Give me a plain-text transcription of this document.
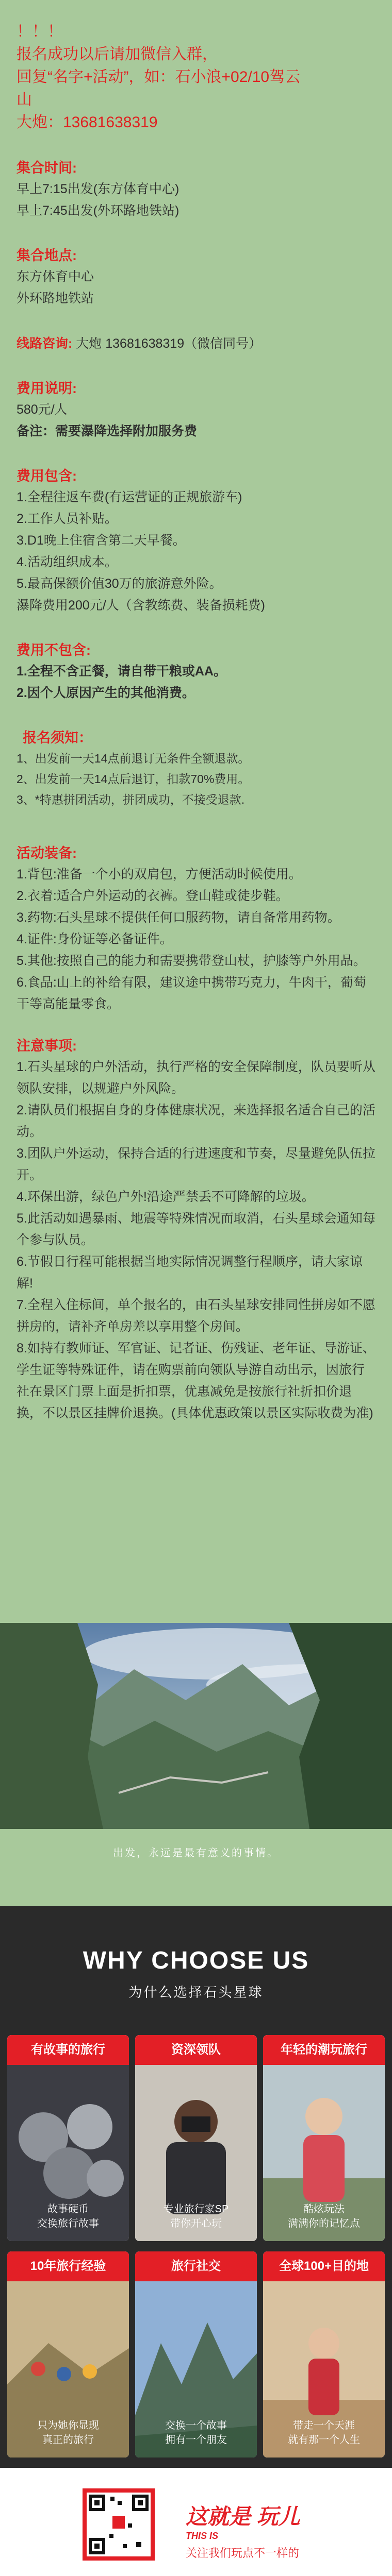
！！！
报名成功以后请加微信入群，
回复“名字+活动”，如：石小浪+02/10驾云
山
大炮：13681638319
集合时间:
早上7:15出发(东方体育中心)
早上7:45出发(外环路地铁站)
集合地点:
东方体育中心
外环路地铁站
线路咨询: 大炮 13681638319（微信同号）
费用说明:
580元/人
备注：需要瀑降选择附加服务费
费用包含:
1.全程往返车费(有运营证的正规旅游车)
2.工作人员补贴。
3.D1晚上住宿含第二天早餐。
4.活动组织成本。
5.最高保额价值30万的旅游意外险。
瀑降费用200元/人（含教练费、装备损耗费)
费用不包含:
1.全程不含正餐，请自带干粮或AA。
2.因个人原因产生的其他消费。
报名须知：
1、出发前一天14点前退订无条件全额退款。
2、出发前一天14点后退订，扣款70%费用。
3、*特惠拼团活动，拼团成功，不接受退款.
活动装备:
1.背包:准备一个小的双肩包，方便活动时候使用。
2.衣着:适合户外运动的衣裤。登山鞋或徒步鞋。
3.药物:石头星球不提供任何口服药物，请自备常用药物。
4.证件:身份证等必备证件。
5.其他:按照自己的能力和需要携带登山杖，护膝等户外用品。
6.食品:山上的补给有限，建议途中携带巧克力，牛肉干，葡萄干等高能量零食。
注意事项:
1.石头星球的户外活动，执行严格的安全保障制度，队员要听从领队安排，以规避户外风险。
2.请队员们根据自身的身体健康状况，来选择报名适合自己的活动。
3.团队户外运动，保持合适的行进速度和节奏，尽量避免队伍拉开。
4.环保出游，绿色户外!沿途严禁丢不可降解的垃圾。
5.此活动如遇暴雨、地震等特殊情况而取消，石头星球会通知每个参与队员。
6.节假日行程可能根据当地实际情况调整行程顺序，请大家谅解!
7.全程入住标间，单个报名的，由石头星球安排同性拼房如不愿拼房的，请补齐单房差以享用整个房间。
8.如持有教师证、军官证、记者证、伤残证、老年证、导游证、学生证等特殊证件，请在购票前向领队导游自动出示，因旅行社在景区门票上面是折扣票，优惠减免是按旅行社折扣价退换，不以景区挂牌价退换。(具体优惠政策以景区实际收费为准)
出发，永远是最有意义的事情。
WHY CHOOSE US
为什么选择石头星球
有故事的旅行
故事硬币
交换旅行故事
资深领队
专业旅行家SP
带你开心玩
年轻的潮玩旅行
酷炫玩法
满满你的记忆点
10年旅行经验
只为她你显现
真正的旅行
旅行社交
交换一个故事
拥有一个朋友
全球100+目的地
带走一个天涯
就有那一个人生
这就是 玩儿
THIS IS
关注我们玩点不一样的
